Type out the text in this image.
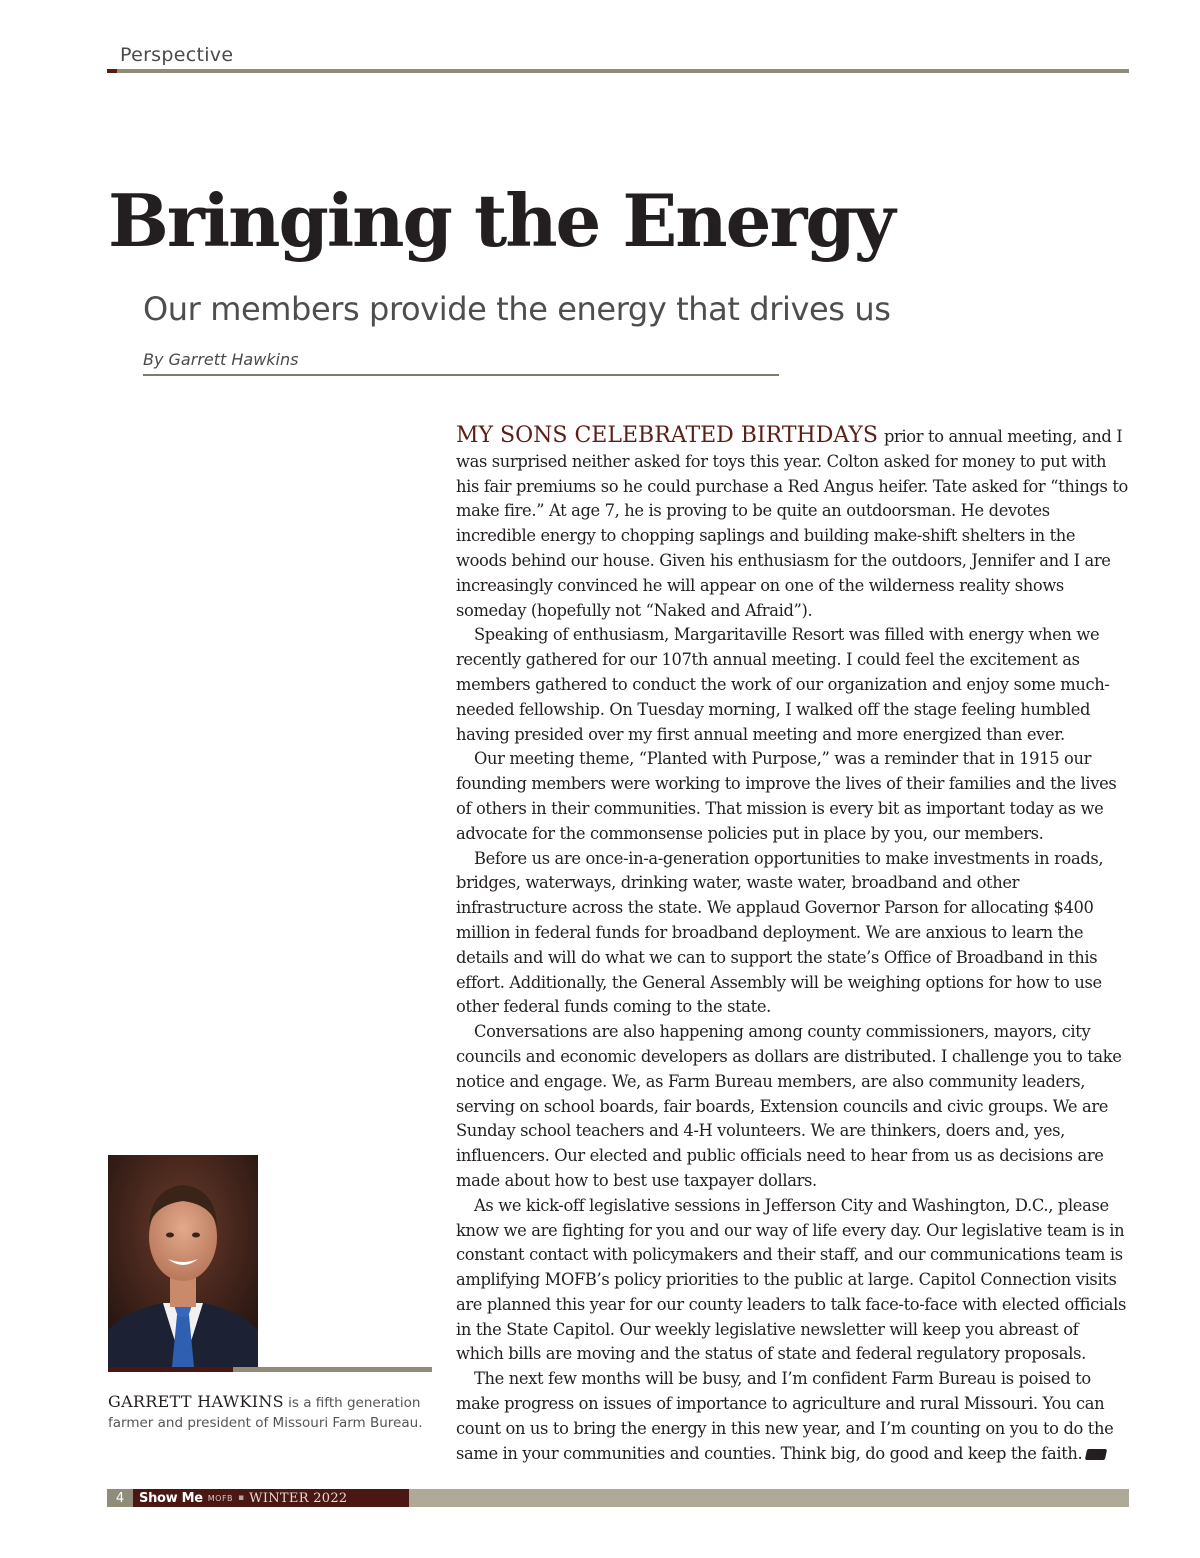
Perspective
Bringing the Energy
Our members provide the energy that drives us
By Garrett Hawkins

MY SONS CELEBRATED BIRTHDAYS prior to annual meeting, and I was surprised neither asked for toys this year. Colton asked for money to put with his fair premiums so he could purchase a Red Angus heifer. Tate asked for “things to make fire.” At age 7, he is proving to be quite an outdoorsman. He devotes incredible energy to chopping saplings and building make-shift shelters in the woods behind our house. Given his enthusiasm for the outdoors, Jennifer and I are increasingly convinced he will appear on one of the wilderness reality shows someday (hopefully not “Naked and Afraid”).

Speaking of enthusiasm, Margaritaville Resort was filled with energy when we recently gathered for our 107th annual meeting. I could feel the excitement as members gathered to conduct the work of our organization and enjoy some much-needed fellowship. On Tuesday morning, I walked off the stage feeling humbled having presided over my first annual meeting and more energized than ever.

Our meeting theme, “Planted with Purpose,” was a reminder that in 1915 our founding members were working to improve the lives of their families and the lives of others in their communities. That mission is every bit as important today as we advocate for the commonsense policies put in place by you, our members.

Before us are once-in-a-generation opportunities to make investments in roads, bridges, waterways, drinking water, waste water, broadband and other infrastructure across the state. We applaud Governor Parson for allocating $400 million in federal funds for broadband deployment. We are anxious to learn the details and will do what we can to support the state’s Office of Broadband in this effort. Additionally, the General Assembly will be weighing options for how to use other federal funds coming to the state.

Conversations are also happening among county commissioners, mayors, city councils and economic developers as dollars are distributed. I challenge you to take notice and engage. We, as Farm Bureau members, are also community leaders, serving on school boards, fair boards, Extension councils and civic groups. We are Sunday school teachers and 4-H volunteers. We are thinkers, doers and, yes, influencers. Our elected and public officials need to hear from us as decisions are made about how to best use taxpayer dollars.

As we kick-off legislative sessions in Jefferson City and Washington, D.C., please know we are fighting for you and our way of life every day. Our legislative team is in constant contact with policymakers and their staff, and our communications team is amplifying MOFB’s policy priorities to the public at large. Capitol Connection visits are planned this year for our county leaders to talk face-to-face with elected officials in the State Capitol. Our weekly legislative newsletter will keep you abreast of which bills are moving and the status of state and federal regulatory proposals.

The next few months will be busy, and I’m confident Farm Bureau is poised to make progress on issues of importance to agriculture and rural Missouri. You can count on us to bring the energy in this new year, and I’m counting on you to do the same in your communities and counties. Think big, do good and keep the faith.

GARRETT HAWKINS is a fifth generation farmer and president of Missouri Farm Bureau.
4	Show Me MOFB ▪ WINTER 2022
